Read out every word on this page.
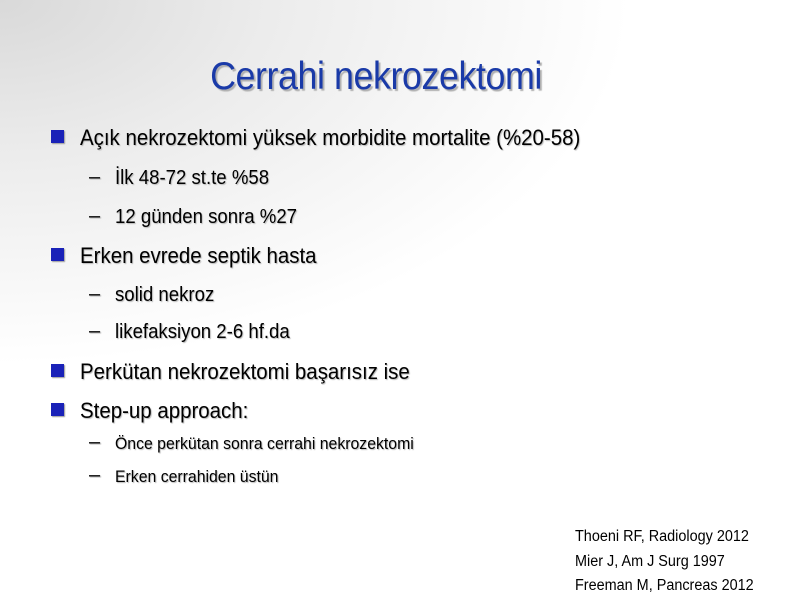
Cerrahi nekrozektomi
Açık nekrozektomi yüksek morbidite mortalite (%20-58)
– İlk 48-72 st.te %58
– 12 günden sonra %27
Erken evrede septik hasta
– solid nekroz
– likefaksiyon 2-6 hf.da
Perkütan nekrozektomi başarısız ise
Step-up approach:
– Önce perkütan sonra cerrahi nekrozektomi
– Erken cerrahiden üstün
Thoeni RF, Radiology 2012
Mier J, Am J Surg 1997
Freeman M, Pancreas 2012
